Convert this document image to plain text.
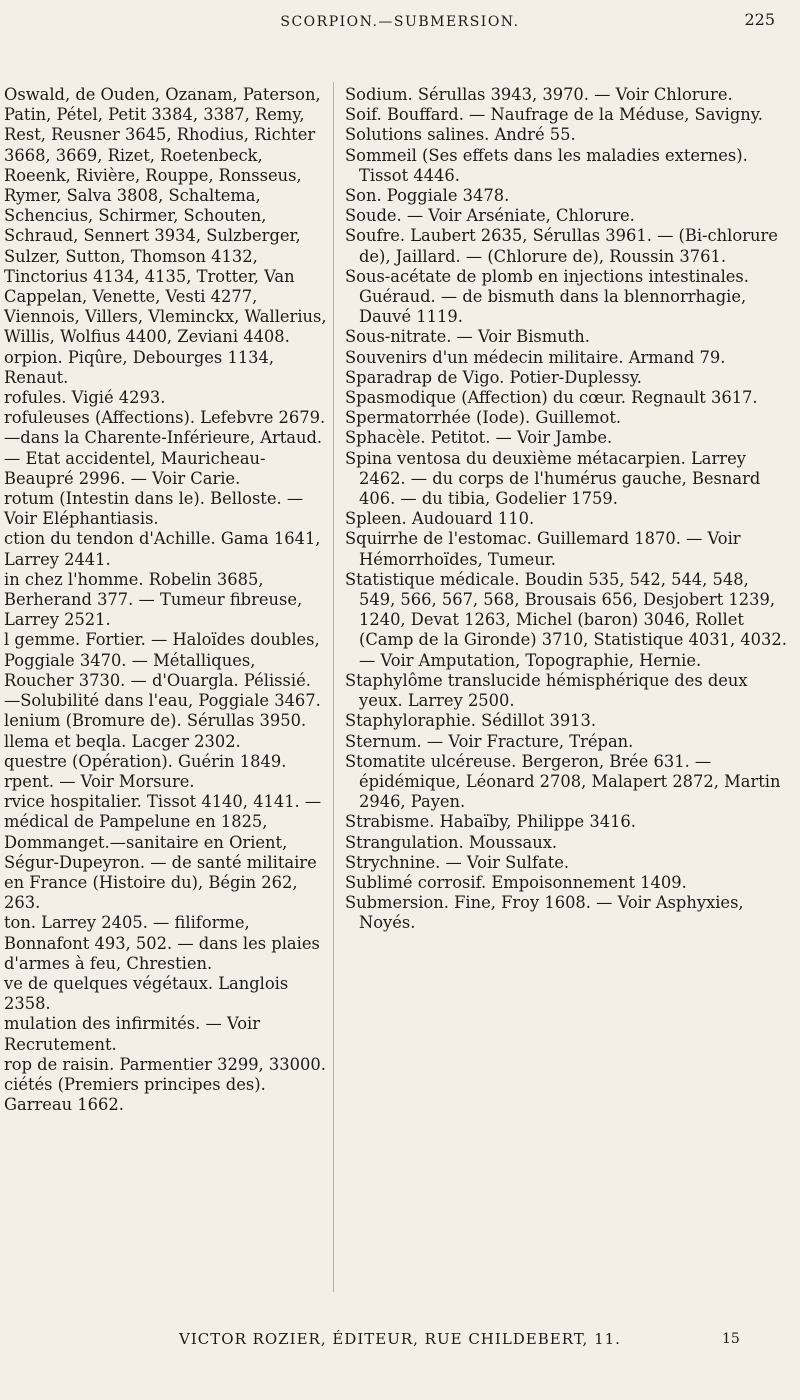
SCORPION.—SUBMERSION.	225

Oswald, de Ouden, Ozanam, Paterson, Patin, Pétel, Petit 3384, 3387, Remy, Rest, Reusner 3645, Rhodius, Richter 3668, 3669, Rizet, Roetenbeck, Roeenk, Rivière, Rouppe, Ronsseus, Rymer, Salva 3808, Schaltema, Schencius, Schirmer, Schouten, Schraud, Sennert 3934, Sulzberger, Sulzer, Sutton, Thomson 4132, Tinctorius 4134, 4135, Trotter, Van Cappelan, Venette, Vesti 4277, Viennois, Villers, Vleminckx, Wallerius, Willis, Wolfius 4400, Zeviani 4408.

orpion. Piqûre, Debourges 1134, Renaut.

rofules. Vigié 4293.

rofuleuses (Affections). Lefebvre 2679.—dans la Charente-Inférieure, Artaud. — Etat accidentel, Mauricheau-Beaupré 2996. — Voir Carie.

rotum (Intestin dans le). Belloste. — Voir Eléphantiasis.

ction du tendon d'Achille. Gama 1641, Larrey 2441.

in chez l'homme. Robelin 3685, Berherand 377. — Tumeur fibreuse, Larrey 2521.

l gemme. Fortier. — Haloïdes doubles, Poggiale 3470. — Métalliques, Roucher 3730. — d'Ouargla. Pélissié. —Solubilité dans l'eau, Poggiale 3467.

lenium (Bromure de). Sérullas 3950.

llema et beqla. Lacger 2302.

questre (Opération). Guérin 1849.

rpent. — Voir Morsure.

rvice hospitalier. Tissot 4140, 4141. — médical de Pampelune en 1825, Dommanget.—sanitaire en Orient, Ségur-Dupeyron. — de santé militaire en France (Histoire du), Bégin 262, 263.

ton. Larrey 2405. — filiforme, Bonnafont 493, 502. — dans les plaies d'armes à feu, Chrestien.

ve de quelques végétaux. Langlois 2358.

mulation des infirmités. — Voir Recrutement.

rop de raisin. Parmentier 3299, 33000.

ciétés (Premiers principes des). Garreau 1662.

Sodium. Sérullas 3943, 3970. — Voir Chlorure.

Soif. Bouffard. — Naufrage de la Méduse, Savigny.

Solutions salines. André 55.

Sommeil (Ses effets dans les maladies externes). Tissot 4446.

Son. Poggiale 3478.

Soude. — Voir Arséniate, Chlorure.

Soufre. Laubert 2635, Sérullas 3961. — (Bi-chlorure de), Jaillard. — (Chlorure de), Roussin 3761.

Sous-acétate de plomb en injections intestinales. Guéraud. — de bismuth dans la blennorrhagie, Dauvé 1119.

Sous-nitrate. — Voir Bismuth.

Souvenirs d'un médecin militaire. Armand 79.

Sparadrap de Vigo. Potier-Duplessy.

Spasmodique (Affection) du cœur. Regnault 3617.

Spermatorrhée (Iode). Guillemot.

Sphacèle. Petitot. — Voir Jambe.

Spina ventosa du deuxième métacarpien. Larrey 2462. — du corps de l'humérus gauche, Besnard 406. — du tibia, Godelier 1759.

Spleen. Audouard 110.

Squirrhe de l'estomac. Guillemard 1870. — Voir Hémorrhoïdes, Tumeur.

Statistique médicale. Boudin 535, 542, 544, 548, 549, 566, 567, 568, Brousais 656, Desjobert 1239, 1240, Devat 1263, Michel (baron) 3046, Rollet (Camp de la Gironde) 3710, Statistique 4031, 4032. — Voir Amputation, Topographie, Hernie.

Staphylôme translucide hémisphérique des deux yeux. Larrey 2500.

Staphyloraphie. Sédillot 3913.

Sternum. — Voir Fracture, Trépan.

Stomatite ulcéreuse. Bergeron, Brée 631. — épidémique, Léonard 2708, Malapert 2872, Martin 2946, Payen.

Strabisme. Habaïby, Philippe 3416.

Strangulation. Moussaux.

Strychnine. — Voir Sulfate.

Sublimé corrosif. Empoisonnement 1409.

Submersion. Fine, Froy 1608. — Voir Asphyxies, Noyés.

VICTOR ROZIER, ÉDITEUR, RUE CHILDEBERT, 11.	15
